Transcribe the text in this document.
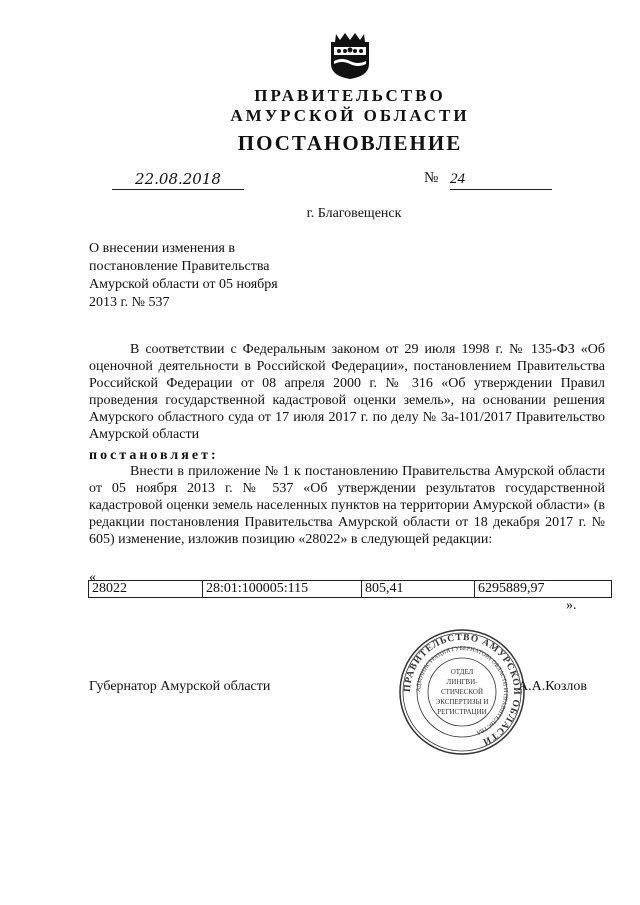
ПРАВИТЕЛЬСТВО
АМУРСКОЙ ОБЛАСТИ
ПОСТАНОВЛЕНИЕ
22.08.2018	№ 24
г. Благовещенск
О внесении изменения в постановление Правительства Амурской области от 05 ноября 2013 г. № 537
В соответствии с Федеральным законом от 29 июля 1998 г. № 135-ФЗ «Об оценочной деятельности в Российской Федерации», постановлением Правительства Российской Федерации от 08 апреля 2000 г. № 316 «Об утверждении Правил проведения государственной кадастровой оценки земель», на основании решения Амурского областного суда от 17 июля 2017 г. по делу № 3а-101/2017 Правительство Амурской области
постановляет:
Внести в приложение № 1 к постановлению Правительства Амурской области от 05 ноября 2013 г. № 537 «Об утверждении результатов государственной кадастровой оценки земель населенных пунктов на территории Амурской области» (в редакции постановления Правительства Амурской области от 18 декабря 2017 г. № 605) изменение, изложив позицию «28022» в следующей редакции:
«
28022	28:01:100005:115	805,41	6295889,97
».
Губернатор Амурской области	А.А.Козлов
ПРАВИТЕЛЬСТВО АМУРСКОЙ ОБЛАСТИ
АДМИНИСТРАЦИЯ ГУБЕРНАТОРА ОБЛАСТИ И ПРАВИТЕЛЬСТВА
ОТДЕЛ
ЛИНГВИ-
СТИЧЕСКОЙ
ЭКСПЕРТИЗЫ И
РЕГИСТРАЦИИ
